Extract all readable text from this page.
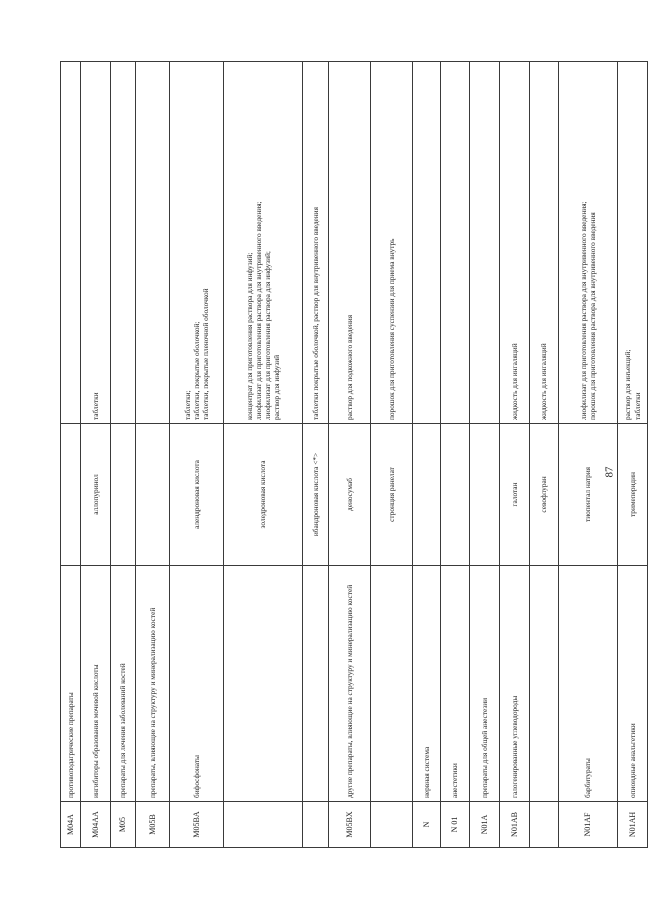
M04A	противоподагрические препараты		
M04AA	ингибиторы образования мочевой кислоты	аллопуринол	таблетки

M05	препараты для лечения заболеваний костей		
M05B	препараты, влияющие на структуру и минерализацию костей		
M05BA	бифосфонаты	алендроновая кислота	таблетки; таблетки, покрытые оболочкой; таблетки, покрытые пленочной оболочкой

		золедроновая кислота	концентрат для приготовления раствора для инфузий; лиофилизат для приготовления раствора для внутривенного введения; лиофилизат для приготовления раствора для инфузий; раствор для инфузий

		ибандроновая кислота <*>	таблетки покрытые оболочкой, раствор для внутривенного введения

M05BX	другие препараты, влияющие на структуру и минерализацию костей	деносумаб	раствор для подкожного введения

		стронция ранелат	порошок для приготовления суспензии для приема внутрь

N	нервная система		
N 01	анестетики		
N01A	препараты для общей анестезии		
N01AB	галогенированные углеводороды	галотан	жидкость для ингаляций

		севофлуран	жидкость для ингаляций

N01AF	барбитураты	тиопентал натрия	лиофилизат для приготовления раствора для внутривенного введения; порошок для приготовления раствора для внутривенного введения

N01AH	опиоидные анальгетики	тримеперидин	раствор для инъекций; таблетки
87
